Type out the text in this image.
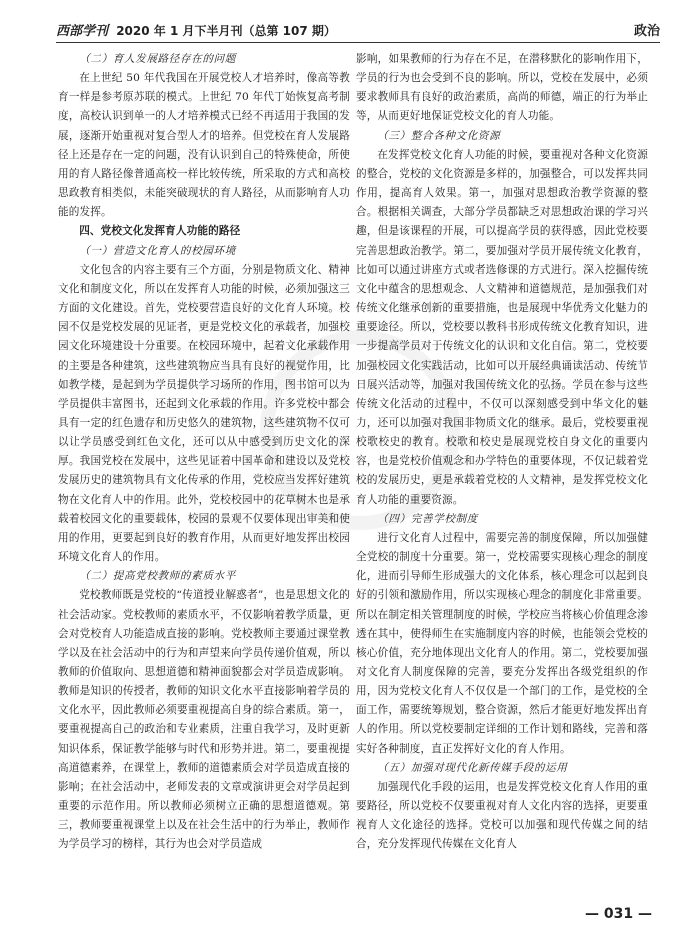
西部学刊 2020 年 1 月下半月刊（总第 107 期）	政治
（二）育人发展路径存在的问题

在上世纪 50 年代我国在开展党校人才培养时，像高等教育一样是参考原苏联的模式。上世纪 70 年代丁始恢复高考制度，高校认识到单一的人才培养模式已经不再适用于我国的发展，逐渐开始重视对复合型人才的培养。但党校在育人发展路径上还是存在一定的问题，没有认识到自己的特殊使命，所使用的育人路径像普通高校一样比较传统，所采取的方式和高校思政教育相类似，未能突破现状的育人路径，从而影响育人功能的发挥。

四、党校文化发挥育人功能的路径
（一）营造文化育人的校园环境

文化包含的内容主要有三个方面，分别是物质文化、精神文化和制度文化，所以在发挥育人功能的时候，必须加强这三方面的文化建设。首先，党校要营造良好的文化育人环境。校园不仅是党校发展的见证者，更是党校文化的承载者，加强校园文化环境建设十分重要。在校园环境中，起着文化承载作用的主要是各种建筑，这些建筑物应当具有良好的视觉作用，比如教学楼，是起到为学员提供学习场所的作用，图书馆可以为学员提供丰富图书，还起到文化承载的作用。许多党校中都会具有一定的红色遗存和历史悠久的建筑物，这些建筑物不仅可以让学员感受到红色文化，还可以从中感受到历史文化的深厚。我国党校在发展中，这些见证着中国革命和建设以及党校发展历史的建筑物具有文化传承的作用，党校应当发挥好建筑物在文化育人中的作用。此外，党校校园中的花草树木也是承载着校园文化的重要载体，校园的景观不仅要体现出审美和使用的作用，更要起到良好的教育作用，从而更好地发挥出校园环境文化育人的作用。

（二）提高党校教师的素质水平

党校教师既是党校的“传道授业解惑者”，也是思想文化的社会活动家。党校教师的素质水平，不仅影响着教学质量，更会对党校育人功能造成直接的影响。党校教师主要通过课堂教学以及在社会活动中的行为和声望来向学员传递价值观，所以教师的价值取向、思想道德和精神面貌都会对学员造成影响。教师是知识的传授者，教师的知识文化水平直接影响着学员的文化水平，因此教师必须要重视提高自身的综合素质。第一，要重视提高自己的政治和专业素质，注重自我学习，及时更新知识体系，保证教学能够与时代和形势并进。第二，要重视提高道德素养，在课堂上，教师的道德素质会对学员造成直接的影响；在社会活动中，老师发表的文章或演讲更会对学员起到重要的示范作用。所以教师必须树立正确的思想道德观。第三，教师要重视课堂上以及在社会生活中的行为举止，教师作为学员学习的榜样，其行为也会对学员造成

影响，如果教师的行为存在不足，在潜移默化的影响作用下，学员的行为也会受到不良的影响。所以，党校在发展中，必须要求教师具有良好的政治素质，高尚的师德，端正的行为举止等，从而更好地保证党校文化的育人功能。

（三）整合各种文化资源

在发挥党校文化育人功能的时候，要重视对各种文化资源的整合，党校的文化资源是多样的，加强整合，可以发挥共同作用，提高育人效果。第一，加强对思想政治教学资源的整合。根据相关调查，大部分学员都缺乏对思想政治课的学习兴趣，但是该课程的开展，可以提高学员的获得感，因此党校要完善思想政治教学。第二，要加强对学员开展传统文化教育，比如可以通过讲座方式或者选修课的方式进行。深入挖掘传统文化中蕴含的思想观念、人文精神和道德规范，是加强我们对传统文化继承创新的重要措施，也是展现中华优秀文化魅力的重要途径。所以，党校要以教科书形成传统文化教育知识，进一步提高学员对于传统文化的认识和文化自信。第二，党校要加强校园文化实践活动，比如可以开展经典诵读活动、传统节日展兴活动等，加强对我国传统文化的弘扬。学员在参与这些传统文化活动的过程中，不仅可以深刻感受到中华文化的魅力，还可以加强对我国非物质文化的继承。最后，党校要重视校歌校史的教育。校歌和校史是展现党校自身文化的重要内容，也是党校价值观念和办学特色的重要体现，不仅记载着党校的发展历史，更是承载着党校的人文精神，是发挥党校文化育人功能的重要资源。

（四）完善学校制度

进行文化育人过程中，需要完善的制度保障，所以加强健全党校的制度十分重要。第一，党校需要实现核心理念的制度化，进而引导师生形成强大的文化体系，核心理念可以起到良好的引领和激励作用，所以实现核心理念的制度化非常重要。所以在制定相关管理制度的时候，学校应当将核心价值理念渗透在其中，使得师生在实施制度内容的时候，也能领会党校的核心价值，充分地体现出文化育人的作用。第二，党校要加强对文化育人制度保障的完善，要充分发挥出各级党组织的作用，因为党校文化育人不仅仅是一个部门的工作，是党校的全面工作，需要统筹规划，整合资源，然后才能更好地发挥出育人的作用。所以党校要制定详细的工作计划和路线，完善和落实好各种制度，直正发挥好文化的育人作用。

（五）加强对现代化新传媒手段的运用

加强现代化手段的运用，也是发挥党校文化育人作用的重要路径，所以党校不仅要重视对育人文化内容的选择，更要重视育人文化途径的选择。党校可以加强和现代传媒之间的结合，充分发挥现代传媒在文化育人

— 031 —
